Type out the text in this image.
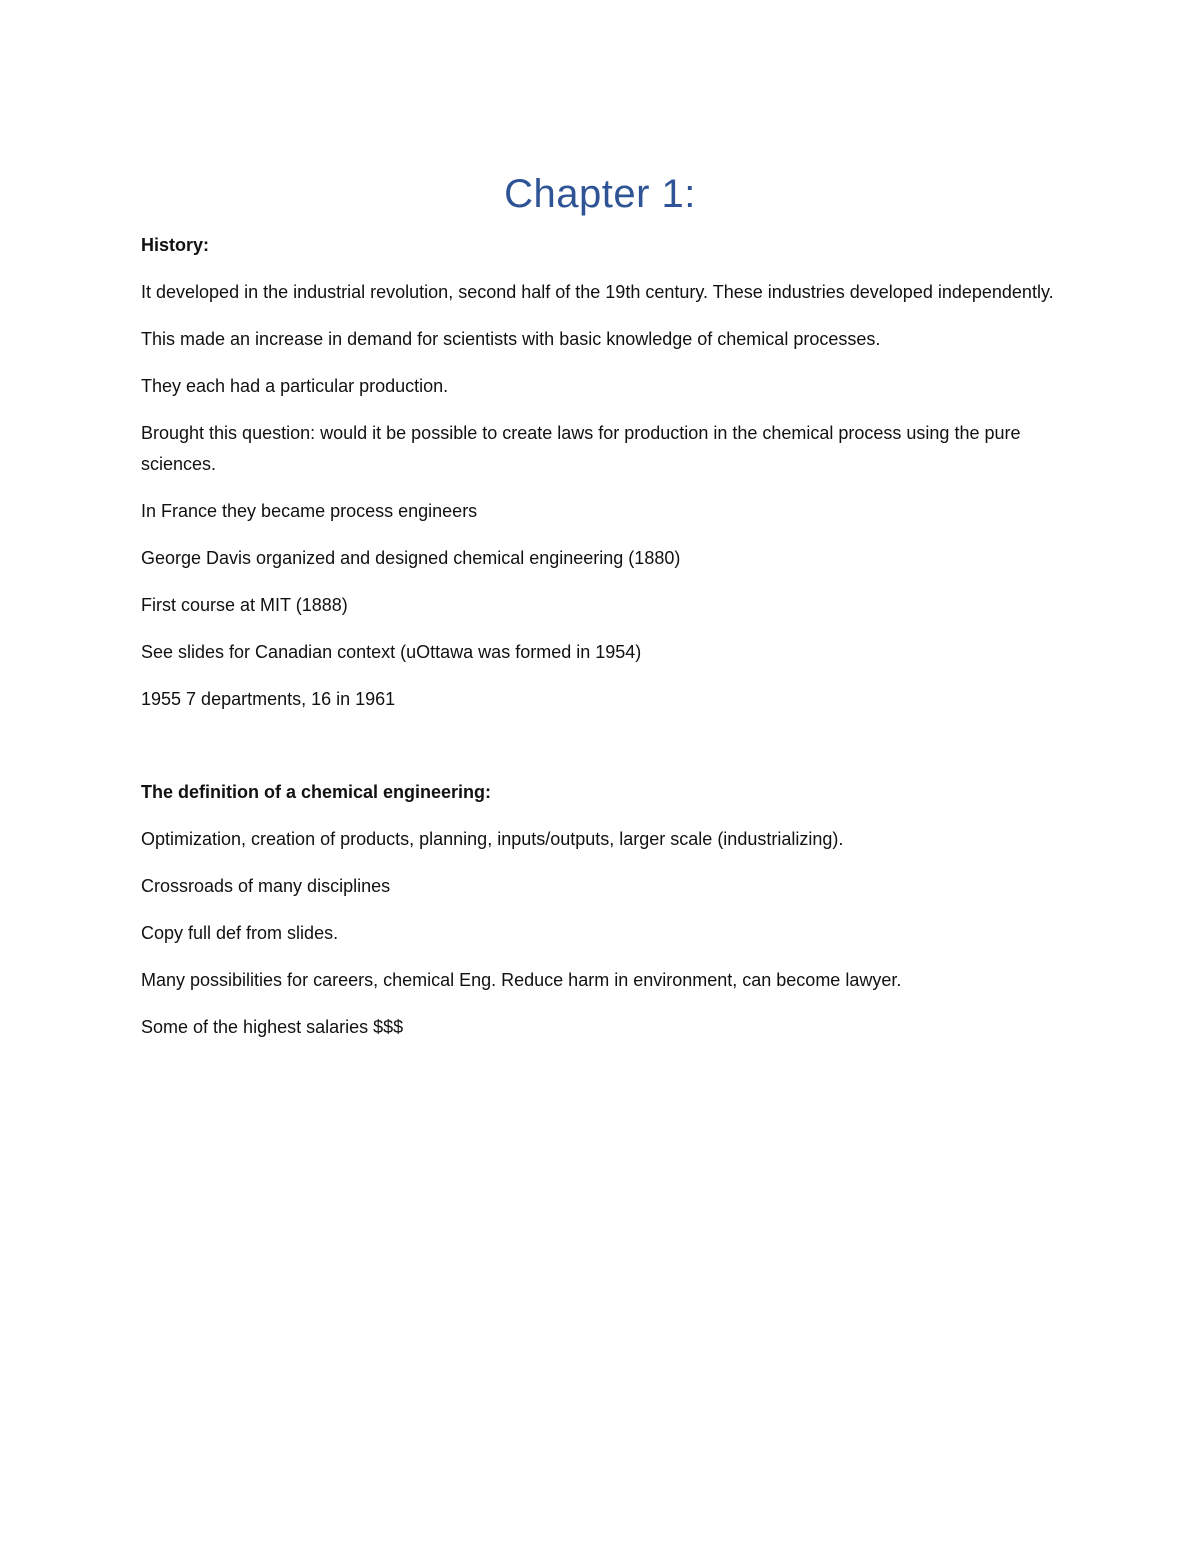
Chapter 1:
History:

It developed in the industrial revolution, second half of the 19th century. These industries developed independently.

This made an increase in demand for scientists with basic knowledge of chemical processes.

They each had a particular production.

Brought this question: would it be possible to create laws for production in the chemical process using the pure sciences.

In France they became process engineers

George Davis organized and designed chemical engineering (1880)

First course at MIT (1888)

See slides for Canadian context (uOttawa was formed in 1954)

1955 7 departments, 16 in 1961

The definition of a chemical engineering:

Optimization, creation of products, planning, inputs/outputs, larger scale (industrializing).

Crossroads of many disciplines

Copy full def from slides.

Many possibilities for careers, chemical Eng. Reduce harm in environment, can become lawyer.

Some of the highest salaries $$$
